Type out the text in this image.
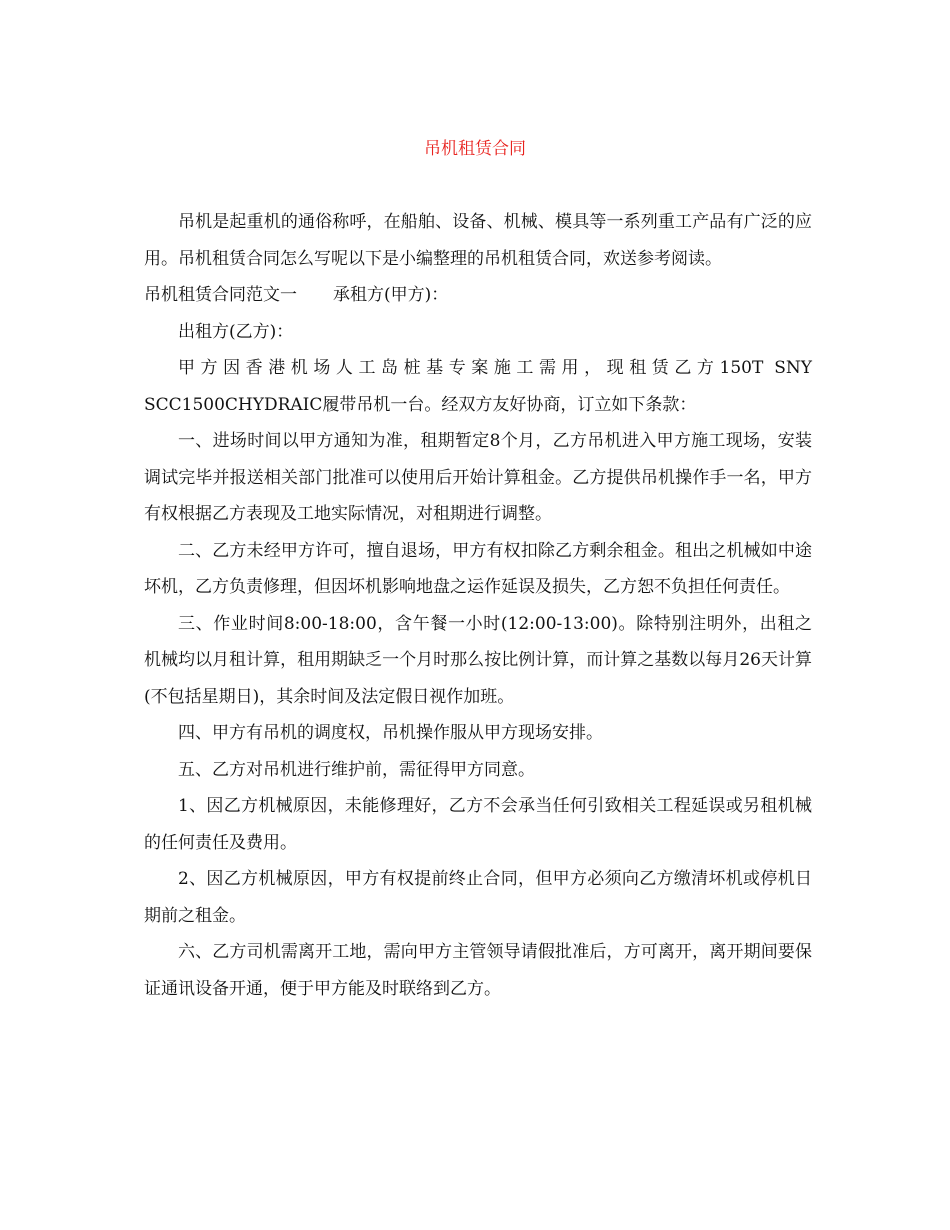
吊机租赁合同

吊机是起重机的通俗称呼，在船舶、设备、机械、模具等一系列重工产品有广泛的应用。吊机租赁合同怎么写呢以下是小编整理的吊机租赁合同，欢送参考阅读。

吊机租赁合同范文一 承租方(甲方)：

出租方(乙方)：

甲方因香港机场人工岛桩基专案施工需用，现租赁乙方150T SNY SCC1500CHYDRAIC履带吊机一台。经双方友好协商，订立如下条款：

一、进场时间以甲方通知为准，租期暂定8个月，乙方吊机进入甲方施工现场，安装调试完毕并报送相关部门批准可以使用后开始计算租金。乙方提供吊机操作手一名，甲方有权根据乙方表现及工地实际情况，对租期进行调整。

二、乙方未经甲方许可，擅自退场，甲方有权扣除乙方剩余租金。租出之机械如中途坏机，乙方负责修理，但因坏机影响地盘之运作延误及损失，乙方恕不负担任何责任。

三、作业时间8:00-18:00，含午餐一小时(12:00-13:00)。除特别注明外，出租之机械均以月租计算，租用期缺乏一个月时那么按比例计算，而计算之基数以每月26天计算(不包括星期日)，其余时间及法定假日视作加班。

四、甲方有吊机的调度权，吊机操作服从甲方现场安排。

五、乙方对吊机进行维护前，需征得甲方同意。

1、因乙方机械原因，未能修理好，乙方不会承当任何引致相关工程延误或另租机械的任何责任及费用。

2、因乙方机械原因，甲方有权提前终止合同，但甲方必须向乙方缴清坏机或停机日期前之租金。

六、乙方司机需离开工地，需向甲方主管领导请假批准后，方可离开，离开期间要保证通讯设备开通，便于甲方能及时联络到乙方。
